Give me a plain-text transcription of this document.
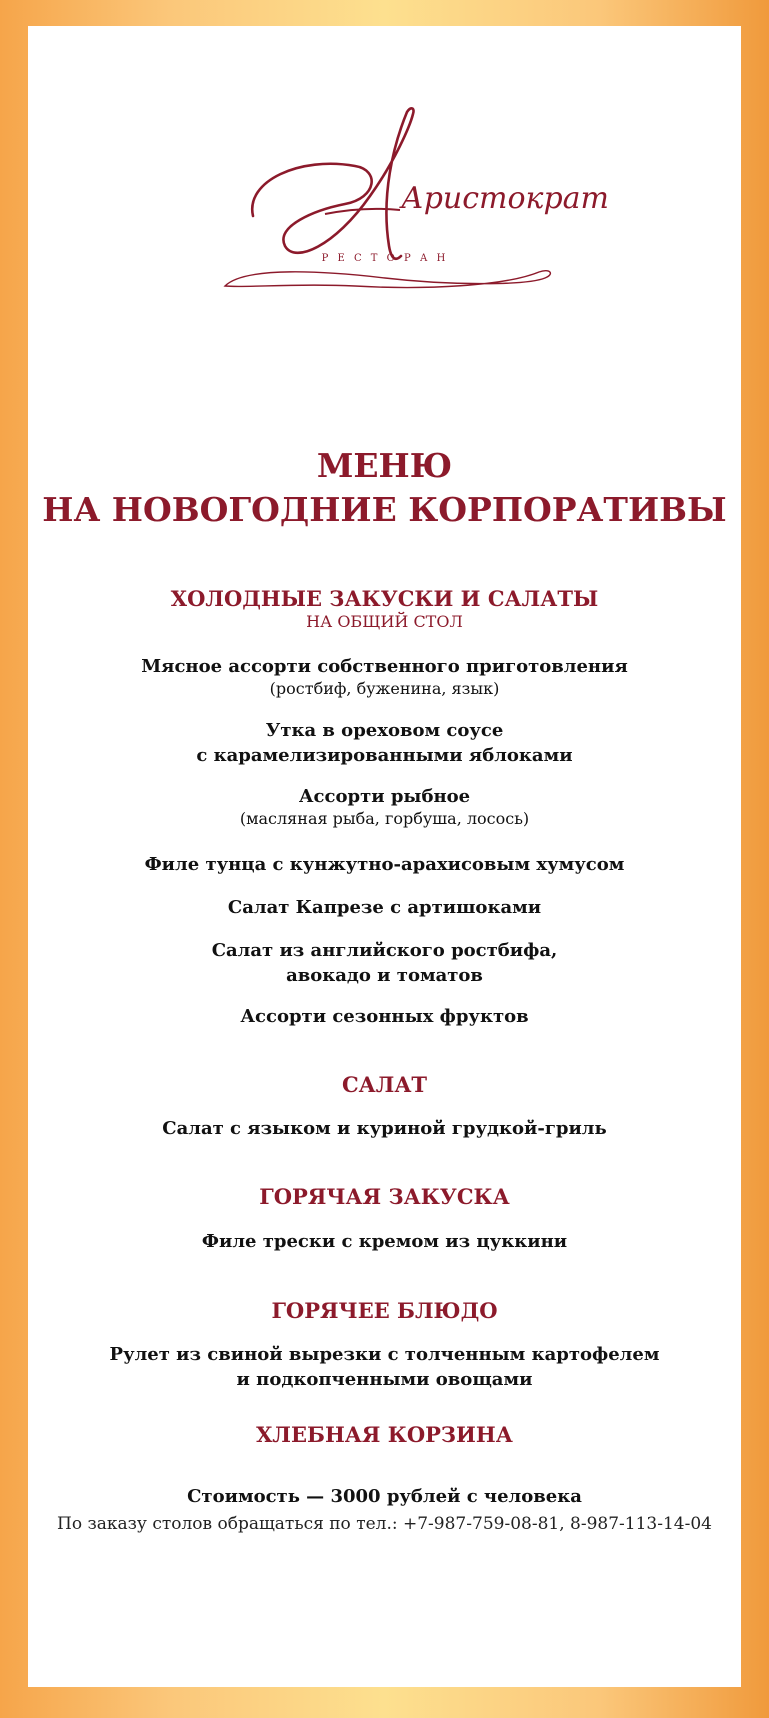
Аристократ
Р Е С Т О Р А Н
МЕНЮ
НА НОВОГОДНИЕ КОРПОРАТИВЫ
ХОЛОДНЫЕ ЗАКУСКИ И САЛАТЫ
НА ОБЩИЙ СТОЛ
Мясное ассорти собственного приготовления
(ростбиф, буженина, язык)
Утка в ореховом соусе
с карамелизированными яблоками
Ассорти рыбное
(масляная рыба, горбуша, лосось)
Филе тунца с кунжутно-арахисовым хумусом
Салат Капрезе с артишоками
Салат из английского ростбифа,
авокадо и томатов
Ассорти сезонных фруктов
САЛАТ
Салат с языком и куриной грудкой-гриль
ГОРЯЧАЯ ЗАКУСКА
Филе трески с кремом из цуккини
ГОРЯЧЕЕ БЛЮДО
Рулет из свиной вырезки с толченным картофелем
и подкопченными овощами
ХЛЕБНАЯ КОРЗИНА
Стоимость — 3000 рублей с человека
По заказу столов обращаться по тел.: +7-987-759-08-81, 8-987-113-14-04
